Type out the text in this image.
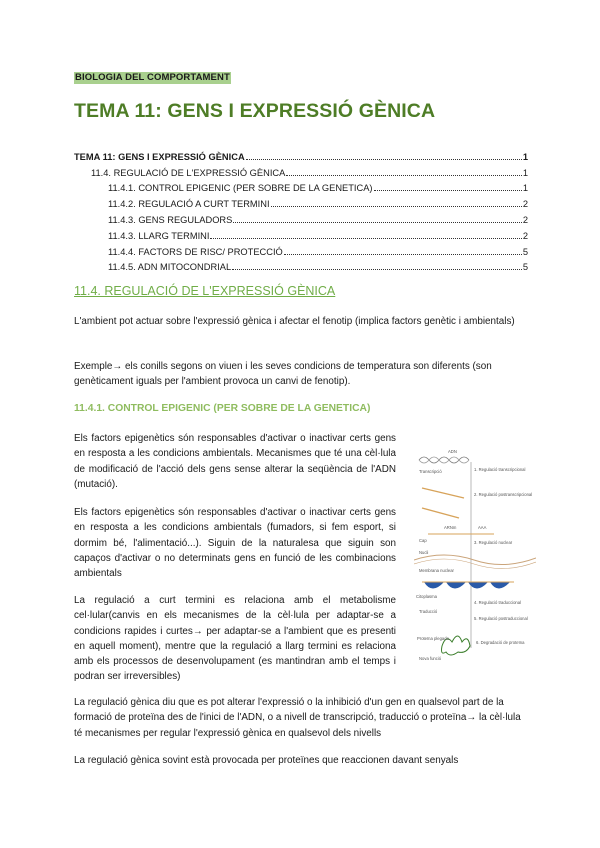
BIOLOGIA DEL COMPORTAMENT
TEMA 11: GENS I EXPRESSIÓ GÈNICA
TEMA 11: GENS I EXPRESSIÓ GÈNICA	1
11.4. REGULACIÓ DE L'EXPRESSIÓ GÈNICA	1
11.4.1. CONTROL EPIGENIC (PER SOBRE DE LA GENETICA)	1
11.4.2. REGULACIÓ A CURT TERMINI	2
11.4.3. GENS REGULADORS	2
11.4.3. LLARG TERMINI	2
11.4.4. FACTORS DE RISC/ PROTECCIÓ	5
11.4.5. ADN MITOCONDRIAL	5
11.4. REGULACIÓ DE L'EXPRESSIÓ GÈNICA
L'ambient pot actuar sobre l'expressió gènica i afectar el fenotip (implica factors genètic i ambientals)
Exemple→ els conills segons on viuen i les seves condicions de temperatura son diferents (son genèticament iguals per l'ambient provoca un canvi de fenotip).
11.4.1. CONTROL EPIGENIC (PER SOBRE DE LA GENETICA)
Els factors epigenètics són responsables d'activar o inactivar certs gens en resposta a les condicions ambientals. Mecanismes que té una cèl·lula de modificació de l'acció dels gens sense alterar la seqüència de l'ADN (mutació).
Els factors epigenètics són responsables d'activar o inactivar certs gens en resposta a les condicions ambientals (fumadors, si fem esport, si dormim bé, l'alimentació...). Siguin de la naturalesa que siguin son capaços d'activar o no determinats gens en funció de les combinacions ambientals
La regulació a curt termini es relaciona amb el metabolisme cel·lular(canvis en els mecanismes de la cèl·lula per adaptar-se a condicions rapides i curtes→ per adaptar-se a l'ambient que es presenti en aquell moment), mentre que la regulació a llarg termini es relaciona amb els processos de desenvolupament (es mantindran amb el temps i podran ser irreversibles)
La regulació gènica diu que es pot alterar l'expressió o la inhibició d'un gen en qualsevol part de la formació de proteïna des de l'inici de l'ADN, o a nivell de transcripció, traducció o proteïna→ la cèl·lula té mecanismes per regular l'expressió gènica en qualsevol dels nivells
La regulació gènica sovint està provocada per proteïnes que reaccionen davant senyals
ADN
Transcripció	1. Regulació transcripcional
2. Regulació postranscripcional
ARNm	AAA
Cap	3. Regulació nuclear
Nucli
Membrana nuclear
Citoplasma
4. Regulació traduccional
Traducció
5. Regulació postraduccional
Proteïna plegada
6. Degradació de proteïna
Nova funció
